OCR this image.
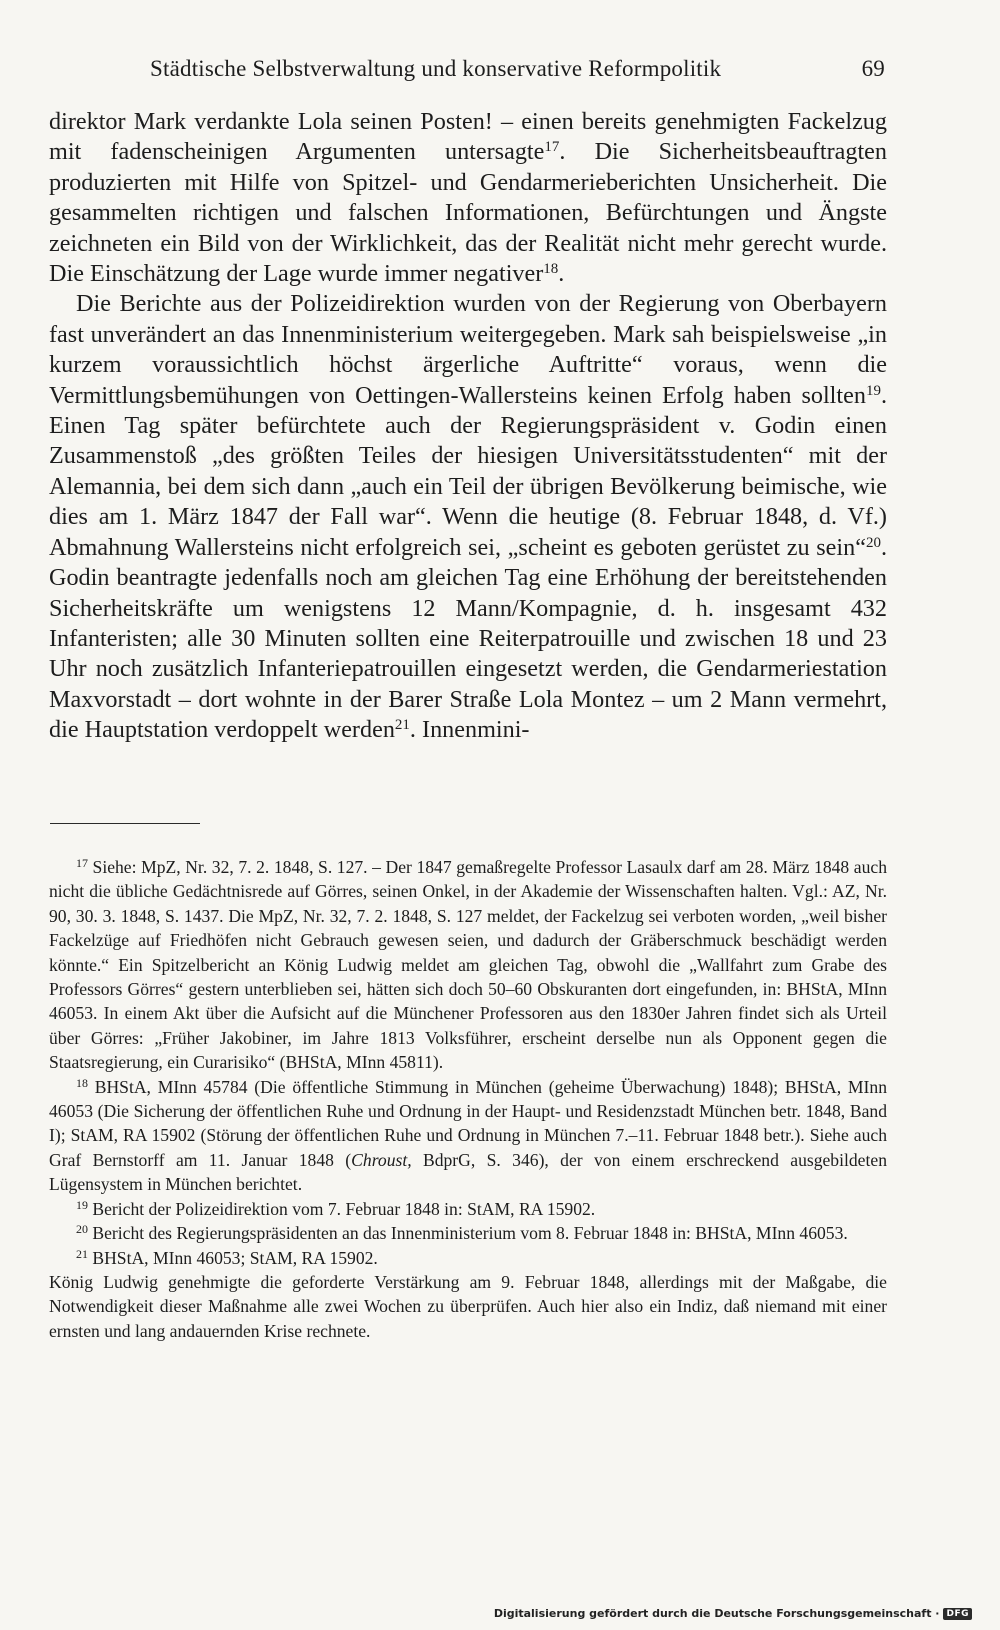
Städtische Selbstverwaltung und konservative Reformpolitik	69

direktor Mark verdankte Lola seinen Posten! – einen bereits genehmigten Fackelzug mit fadenscheinigen Argumenten untersagte$^{17}$. Die Sicherheitsbeauftragten produzierten mit Hilfe von Spitzel- und Gendarmerieberichten Unsicherheit. Die gesammelten richtigen und falschen Informationen, Befürchtungen und Ängste zeichneten ein Bild von der Wirklichkeit, das der Realität nicht mehr gerecht wurde. Die Einschätzung der Lage wurde immer negativer$^{18}$.

Die Berichte aus der Polizeidirektion wurden von der Regierung von Oberbayern fast unverändert an das Innenministerium weitergegeben. Mark sah beispielsweise „in kurzem voraussichtlich höchst ärgerliche Auftritte“ voraus, wenn die Vermittlungsbemühungen von Oettingen-Wallersteins keinen Erfolg haben sollten$^{19}$. Einen Tag später befürchtete auch der Regierungspräsident v. Godin einen Zusammenstoß „des größten Teiles der hiesigen Universitätsstudenten“ mit der Alemannia, bei dem sich dann „auch ein Teil der übrigen Bevölkerung beimische, wie dies am 1. März 1847 der Fall war“. Wenn die heutige (8. Februar 1848, d. Vf.) Abmahnung Wallersteins nicht erfolgreich sei, „scheint es geboten gerüstet zu sein“$^{20}$. Godin beantragte jedenfalls noch am gleichen Tag eine Erhöhung der bereitstehenden Sicherheitskräfte um wenigstens 12 Mann/Kompagnie, d. h. insgesamt 432 Infanteristen; alle 30 Minuten sollten eine Reiterpatrouille und zwischen 18 und 23 Uhr noch zusätzlich Infanteriepatrouillen eingesetzt werden, die Gendarmeriestation Maxvorstadt – dort wohnte in der Barer Straße Lola Montez – um 2 Mann vermehrt, die Hauptstation verdoppelt werden$^{21}$. Innenmini-

$^{17}$ Siehe: MpZ, Nr. 32, 7. 2. 1848, S. 127. – Der 1847 gemaßregelte Professor Lasaulx darf am 28. März 1848 auch nicht die übliche Gedächtnisrede auf Görres, seinen Onkel, in der Akademie der Wissenschaften halten. Vgl.: AZ, Nr. 90, 30. 3. 1848, S. 1437. Die MpZ, Nr. 32, 7. 2. 1848, S. 127 meldet, der Fackelzug sei verboten worden, „weil bisher Fackelzüge auf Friedhöfen nicht Gebrauch gewesen seien, und dadurch der Gräberschmuck beschädigt werden könnte.“ Ein Spitzelbericht an König Ludwig meldet am gleichen Tag, obwohl die „Wallfahrt zum Grabe des Professors Görres“ gestern unterblieben sei, hätten sich doch 50–60 Obskuranten dort eingefunden, in: BHStA, MInn 46053. In einem Akt über die Aufsicht auf die Münchener Professoren aus den 1830er Jahren findet sich als Urteil über Görres: „Früher Jakobiner, im Jahre 1813 Volksführer, erscheint derselbe nun als Opponent gegen die Staatsregierung, ein Curarisiko“ (BHStA, MInn 45811).

$^{18}$ BHStA, MInn 45784 (Die öffentliche Stimmung in München (geheime Überwachung) 1848); BHStA, MInn 46053 (Die Sicherung der öffentlichen Ruhe und Ordnung in der Haupt- und Residenzstadt München betr. 1848, Band I); StAM, RA 15902 (Störung der öffentlichen Ruhe und Ordnung in München 7.–11. Februar 1848 betr.). Siehe auch Graf Bernstorff am 11. Januar 1848 (Chroust, BdprG, S. 346), der von einem erschreckend ausgebildeten Lügensystem in München berichtet.

$^{19}$ Bericht der Polizeidirektion vom 7. Februar 1848 in: StAM, RA 15902.

$^{20}$ Bericht des Regierungspräsidenten an das Innenministerium vom 8. Februar 1848 in: BHStA, MInn 46053.

$^{21}$ BHStA, MInn 46053; StAM, RA 15902.

König Ludwig genehmigte die geforderte Verstärkung am 9. Februar 1848, allerdings mit der Maßgabe, die Notwendigkeit dieser Maßnahme alle zwei Wochen zu überprüfen. Auch hier also ein Indiz, daß niemand mit einer ernsten und lang andauernden Krise rechnete.

Digitalisierung gefördert durch die Deutsche Forschungsgemeinschaft · DFG
